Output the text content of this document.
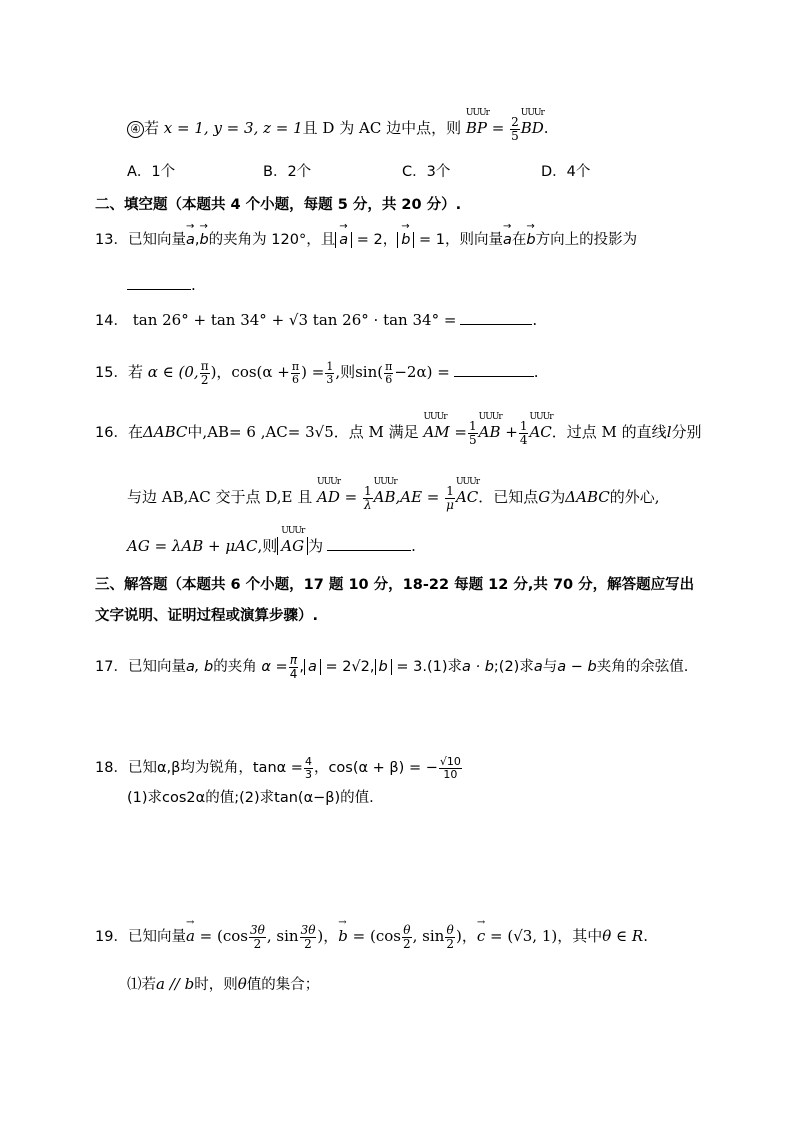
④ 若 x = 1, y = 3, z = 1且 D 为 AC 边中点，则 UUUr BP = $\frac{2}{5}$ UUUr BD.
A．1个	B．2个	C．3个	D．4个
二、填空题（本题共 4 个小题，每题 5 分，共 20 分）.
13．已知向量→ a,→ b的夹角为 120°，且 → a = 2， → b = 1，则向量→ a在→ b方向上的投影为
.
14． tan 26° + tan 34° + √3 tan 26° · tan 34° =	.
15．若 α ∈ (0, $\frac{\pi}{2}$ )，$\cos(\alpha + \frac{\pi}{6}$ ) = $\frac{1}{3}$ ,则$\sin( \frac{\pi}{6} -2\alpha)$ =	.
16．在ΔABC中,AB= 6 ,AC= 3√5．点 M 满足 UUUr AM = $\frac{1}{5}$ UUUr AB + $\frac{1}{4}$ UUUr AC．过点 M 的直线l分别
与边 AB,AC 交于点 D,E 且 UUUr AD = $\frac{1}{\lambda}$ UUUr $AB,AE = \frac{1}{\mu}$ UUUr AC．已知点G为ΔABC的外心,
AG = λAB + μAC,则 UUUr AG 为	.
三、解答题（本题共 6 个小题，17 题 10 分，18-22 每题 12 分,共 70 分，解答题应写出
文字说明、证明过程或演算步骤）.
17．已知向量a, b的夹角 $\alpha = \frac{\pi}{4}$ , a = 2√2, b = 3.(1)求a · b;(2)求a与a − b夹角的余弦值.
18．已知α,β均为锐角，$\tan\alpha = \frac{4}{3}$ ，cos(α + β) = − $\frac{√10}{10}$
(1)求cos2α的值;(2)求tan(α−β)的值.
19．已知向量→ $a = (\cos \frac{3\theta}{2}$ , $\sin \frac{3\theta}{2}$ )，→ $b = (\cos \frac{\theta}{2}$ , $\sin \frac{\theta}{2}$ )，→ c = (√3, 1)，其中θ ∈ R.
⑴若a // b时，则θ值的集合；
